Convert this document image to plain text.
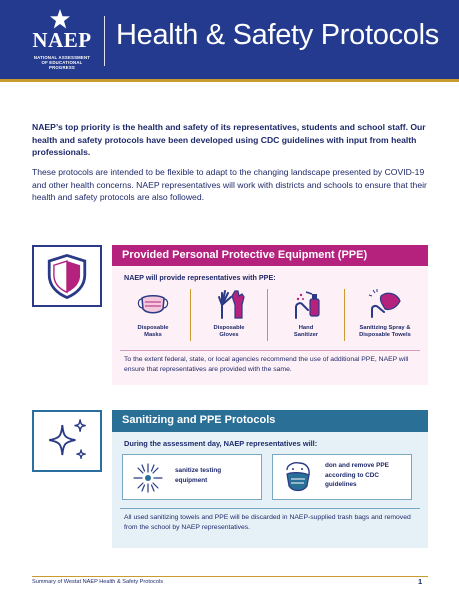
NAEP
NATIONAL ASSESSMENT
OF EDUCATIONAL
PROGRESS
Health & Safety Protocols

NAEP’s top priority is the health and safety of its representatives, students and school staff. Our health and safety protocols have been developed using CDC guidelines with input from health professionals.

These protocols are intended to be flexible to adapt to the changing landscape presented by COVID-19 and other health concerns. NAEP representatives will work with districts and schools to ensure that their health and safety protocols are also followed.

Provided Personal Protective Equipment (PPE)
NAEP will provide representatives with PPE:
Disposable
Masks
Disposable
Gloves
Hand
Sanitizer
Sanitizing Spray &
Disposable Towels

To the extent federal, state, or local agencies recommend the use of additional PPE, NAEP will ensure that representatives are provided with the same.

Sanitizing and PPE Protocols
During the assessment day, NAEP representatives will:
sanitize testing
equipment
don and remove PPE
according to CDC
guidelines

All used sanitizing towels and PPE will be discarded in NAEP-supplied trash bags and removed from the school by NAEP representatives.

Summary of Westat NAEP Health & Safety Protocols	1
